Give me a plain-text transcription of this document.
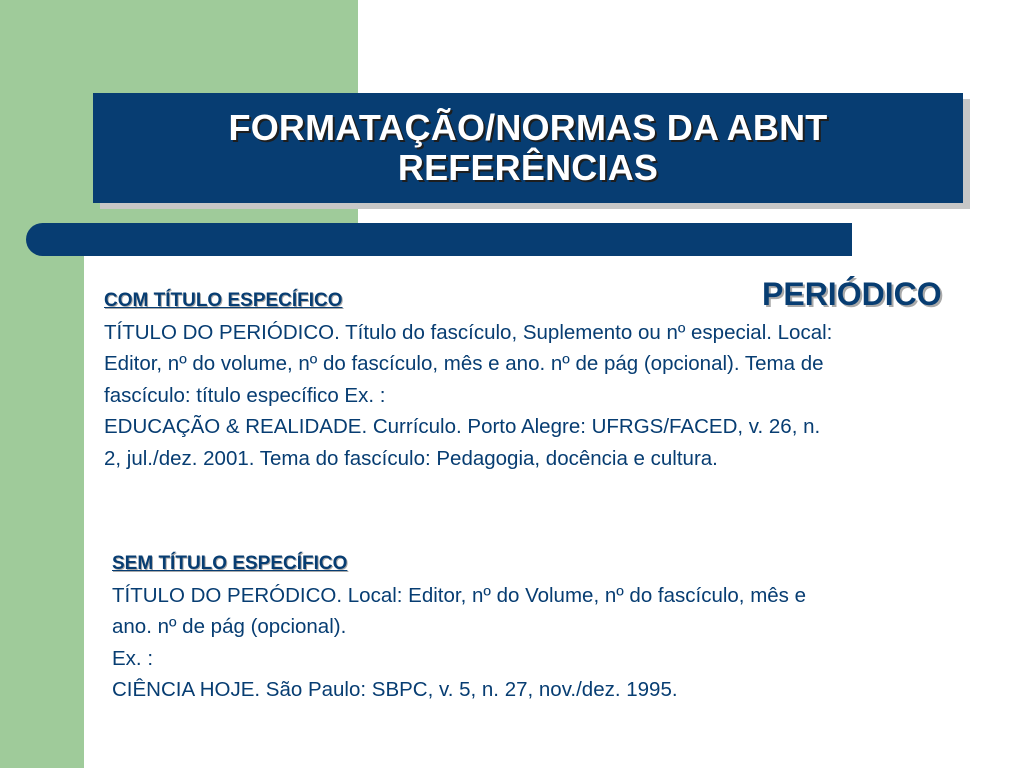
FORMATAÇÃO/NORMAS DA ABNT
REFERÊNCIAS
PERIÓDICO
COM TÍTULO ESPECÍFICO
TÍTULO DO PERIÓDICO. Título do fascículo, Suplemento ou nº especial. Local:
Editor, nº do volume, nº do fascículo, mês e ano. nº de pág (opcional). Tema de
fascículo: título específico Ex. :
EDUCAÇÃO & REALIDADE. Currículo. Porto Alegre: UFRGS/FACED, v. 26, n.
2, jul./dez. 2001. Tema do fascículo: Pedagogia, docência e cultura.
SEM TÍTULO ESPECÍFICO
TÍTULO DO PERÓDICO. Local: Editor, nº do Volume, nº do fascículo, mês e
ano. nº de pág (opcional).
Ex. :
CIÊNCIA HOJE. São Paulo: SBPC, v. 5, n. 27, nov./dez. 1995.
